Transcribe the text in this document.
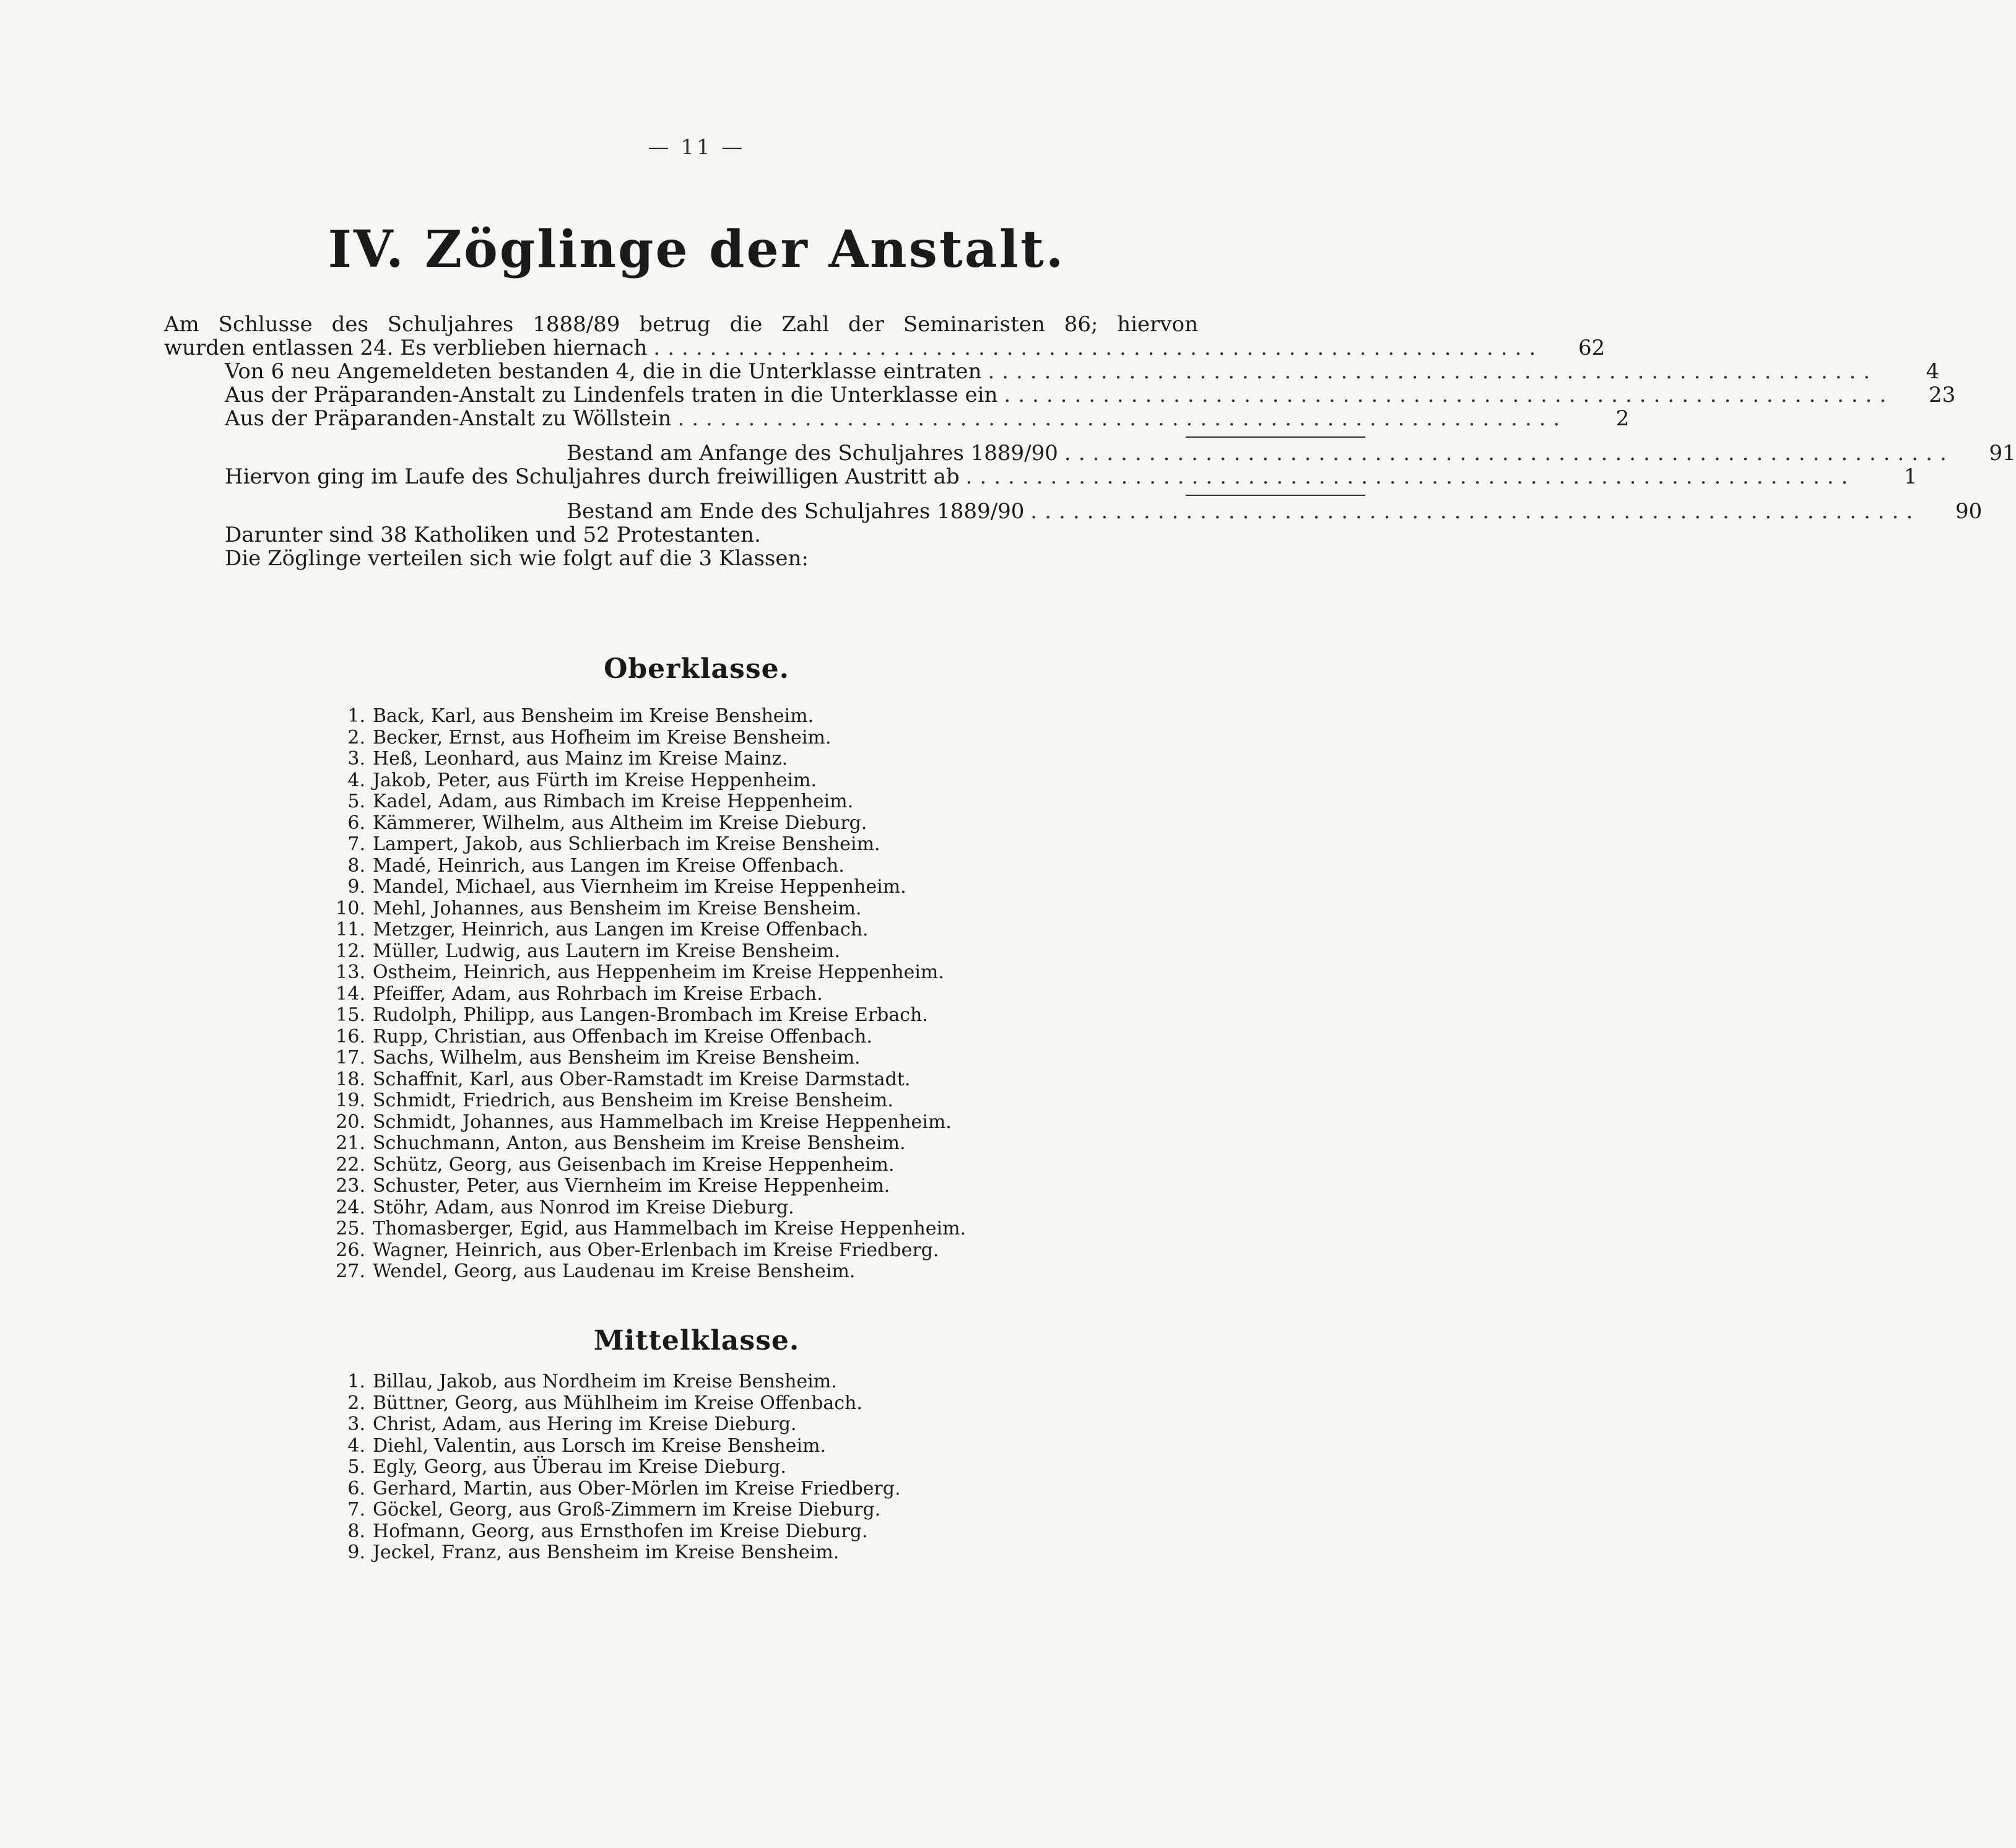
— 11 —
IV. Zöglinge der Anstalt.
Am Schlusse des Schuljahres 1888/89 betrug die Zahl der Seminaristen 86; hiervon
wurden entlassen 24. Es verblieben hiernach ...............................................................	62
Von 6 neu Angemeldeten bestanden 4, die in die Unterklasse eintraten ...............................................................	4
Aus der Präparanden-Anstalt zu Lindenfels traten in die Unterklasse ein ...............................................................	23
Aus der Präparanden-Anstalt zu Wöllstein ...............................................................	2
Bestand am Anfange des Schuljahres 1889/90 ...............................................................	91
Hiervon ging im Laufe des Schuljahres durch freiwilligen Austritt ab ...............................................................	1
Bestand am Ende des Schuljahres 1889/90 ...............................................................	90
Darunter sind 38 Katholiken und 52 Protestanten.
Die Zöglinge verteilen sich wie folgt auf die 3 Klassen:
Oberklasse.
1. Back, Karl, aus Bensheim im Kreise Bensheim.
2. Becker, Ernst, aus Hofheim im Kreise Bensheim.
3. Heß, Leonhard, aus Mainz im Kreise Mainz.
4. Jakob, Peter, aus Fürth im Kreise Heppenheim.
5. Kadel, Adam, aus Rimbach im Kreise Heppenheim.
6. Kämmerer, Wilhelm, aus Altheim im Kreise Dieburg.
7. Lampert, Jakob, aus Schlierbach im Kreise Bensheim.
8. Madé, Heinrich, aus Langen im Kreise Offenbach.
9. Mandel, Michael, aus Viernheim im Kreise Heppenheim.
10. Mehl, Johannes, aus Bensheim im Kreise Bensheim.
11. Metzger, Heinrich, aus Langen im Kreise Offenbach.
12. Müller, Ludwig, aus Lautern im Kreise Bensheim.
13. Ostheim, Heinrich, aus Heppenheim im Kreise Heppenheim.
14. Pfeiffer, Adam, aus Rohrbach im Kreise Erbach.
15. Rudolph, Philipp, aus Langen-Brombach im Kreise Erbach.
16. Rupp, Christian, aus Offenbach im Kreise Offenbach.
17. Sachs, Wilhelm, aus Bensheim im Kreise Bensheim.
18. Schaffnit, Karl, aus Ober-Ramstadt im Kreise Darmstadt.
19. Schmidt, Friedrich, aus Bensheim im Kreise Bensheim.
20. Schmidt, Johannes, aus Hammelbach im Kreise Heppenheim.
21. Schuchmann, Anton, aus Bensheim im Kreise Bensheim.
22. Schütz, Georg, aus Geisenbach im Kreise Heppenheim.
23. Schuster, Peter, aus Viernheim im Kreise Heppenheim.
24. Stöhr, Adam, aus Nonrod im Kreise Dieburg.
25. Thomasberger, Egid, aus Hammelbach im Kreise Heppenheim.
26. Wagner, Heinrich, aus Ober-Erlenbach im Kreise Friedberg.
27. Wendel, Georg, aus Laudenau im Kreise Bensheim.
Mittelklasse.
1. Billau, Jakob, aus Nordheim im Kreise Bensheim.
2. Büttner, Georg, aus Mühlheim im Kreise Offenbach.
3. Christ, Adam, aus Hering im Kreise Dieburg.
4. Diehl, Valentin, aus Lorsch im Kreise Bensheim.
5. Egly, Georg, aus Überau im Kreise Dieburg.
6. Gerhard, Martin, aus Ober-Mörlen im Kreise Friedberg.
7. Göckel, Georg, aus Groß-Zimmern im Kreise Dieburg.
8. Hofmann, Georg, aus Ernsthofen im Kreise Dieburg.
9. Jeckel, Franz, aus Bensheim im Kreise Bensheim.
